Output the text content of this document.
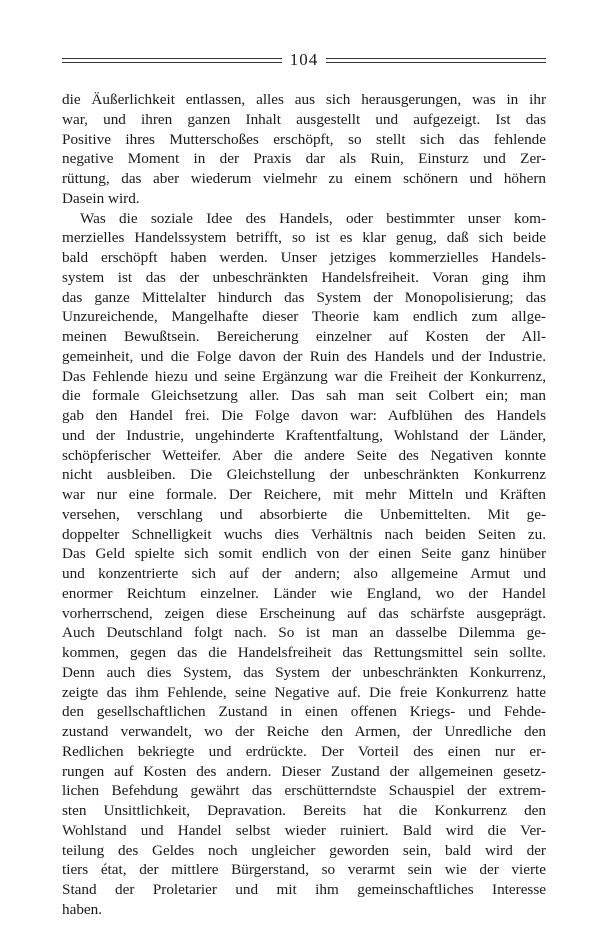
104
die Äußerlichkeit entlassen, alles aus sich herausgerungen, was in ihr
war, und ihren ganzen Inhalt ausgestellt und aufgezeigt. Ist das
Positive ihres Mutterschoßes erschöpft, so stellt sich das fehlende
negative Moment in der Praxis dar als Ruin, Einsturz und Zer-
rüttung, das aber wiederum vielmehr zu einem schönern und höhern
Dasein wird.
Was die soziale Idee des Handels, oder bestimmter unser kom-
merzielles Handelssystem betrifft, so ist es klar genug, daß sich beide
bald erschöpft haben werden. Unser jetziges kommerzielles Handels-
system ist das der unbeschränkten Handelsfreiheit. Voran ging ihm
das ganze Mittelalter hindurch das System der Monopolisierung; das
Unzureichende, Mangelhafte dieser Theorie kam endlich zum allge-
meinen Bewußtsein. Bereicherung einzelner auf Kosten der All-
gemeinheit, und die Folge davon der Ruin des Handels und der Industrie.
Das Fehlende hiezu und seine Ergänzung war die Freiheit der Konkurrenz,
die formale Gleichsetzung aller. Das sah man seit Colbert ein; man
gab den Handel frei. Die Folge davon war: Aufblühen des Handels
und der Industrie, ungehinderte Kraftentfaltung, Wohlstand der Länder,
schöpferischer Wetteifer. Aber die andere Seite des Negativen konnte
nicht ausbleiben. Die Gleichstellung der unbeschränkten Konkurrenz
war nur eine formale. Der Reichere, mit mehr Mitteln und Kräften
versehen, verschlang und absorbierte die Unbemittelten. Mit ge-
doppelter Schnelligkeit wuchs dies Verhältnis nach beiden Seiten zu.
Das Geld spielte sich somit endlich von der einen Seite ganz hinüber
und konzentrierte sich auf der andern; also allgemeine Armut und
enormer Reichtum einzelner. Länder wie England, wo der Handel
vorherrschend, zeigen diese Erscheinung auf das schärfste ausgeprägt.
Auch Deutschland folgt nach. So ist man an dasselbe Dilemma ge-
kommen, gegen das die Handelsfreiheit das Rettungsmittel sein sollte.
Denn auch dies System, das System der unbeschränkten Konkurrenz,
zeigte das ihm Fehlende, seine Negative auf. Die freie Konkurrenz hatte
den gesellschaftlichen Zustand in einen offenen Kriegs- und Fehde-
zustand verwandelt, wo der Reiche den Armen, der Unredliche den
Redlichen bekriegte und erdrückte. Der Vorteil des einen nur er-
rungen auf Kosten des andern. Dieser Zustand der allgemeinen gesetz-
lichen Befehdung gewährt das erschütterndste Schauspiel der extrem-
sten Unsittlichkeit, Depravation. Bereits hat die Konkurrenz den
Wohlstand und Handel selbst wieder ruiniert. Bald wird die Ver-
teilung des Geldes noch ungleicher geworden sein, bald wird der
tiers état, der mittlere Bürgerstand, so verarmt sein wie der vierte
Stand der Proletarier und mit ihm gemeinschaftliches Interesse
haben.
